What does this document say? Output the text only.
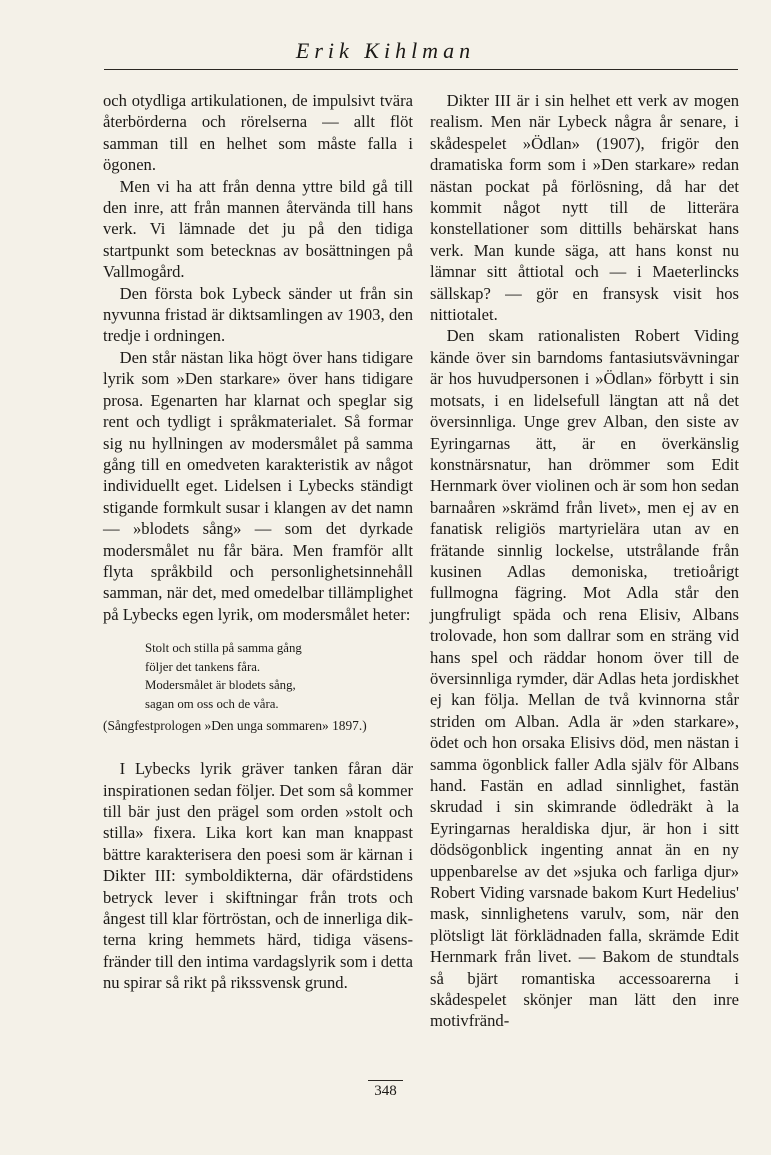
Erik Kihlman

och otydliga artikulationen, de impulsivt tvära återbörderna och rörelserna — allt flöt samman till en helhet som måste falla i ögonen.

Men vi ha att från denna yttre bild gå till den inre, att från mannen återvända till hans verk. Vi lämnade det ju på den tidiga startpunkt som betecknas av bosättningen på Vallmogård.

Den första bok Lybeck sänder ut från sin nyvunna fristad är diktsamlingen av 1903, den tredje i ordningen.

Den står nästan lika högt över hans tidigare lyrik som »Den starkare» över hans tidigare prosa. Egenarten har klarnat och speglar sig rent och tydligt i språkmaterialet. Så formar sig nu hyllningen av modersmålet på samma gång till en omedveten karakteristik av något individuellt eget. Lidelsen i Lybecks ständigt stigande formkult susar i klangen av det namn — »blodets sång» — som det dyrkade modersmålet nu får bära. Men framför allt flyta språkbild och personlighetsinnehåll samman, när det, med omedelbar tillämplighet på Lybecks egen lyrik, om modersmålet heter:

Stolt och stilla på samma gång
följer det tankens fåra.
Modersmålet är blodets sång,
sagan om oss och de våra.
(Sångfestprologen »Den unga sommaren» 1897.)

I Lybecks lyrik gräver tanken fåran där inspirationen sedan följer. Det som så kommer till bär just den prägel som orden »stolt och stilla» fixera. Lika kort kan man knappast bättre karakterisera den poesi som är kärnan i Dikter III: symboldikterna, där ofärdstidens betryck lever i skiftningar från trots och ångest till klar förtröstan, och de innerliga dikterna kring hemmets härd, tidiga väsensfränder till den intima vardagslyrik som i detta nu spirar så rikt på rikssvensk grund.

Dikter III är i sin helhet ett verk av mogen realism. Men när Lybeck några år senare, i skådespelet »Ödlan» (1907), frigör den dramatiska form som i »Den starkare» redan nästan pockat på förlösning, då har det kommit något nytt till de litterära konstellationer som dittills behärskat hans verk. Man kunde säga, att hans konst nu lämnar sitt åttiotal och — i Maeterlincks sällskap? — gör en fransysk visit hos nittiotalet.

Den skam rationalisten Robert Viding kände över sin barndoms fantasiutsvävningar är hos huvudpersonen i »Ödlan» förbytt i sin motsats, i en lidelsefull längtan att nå det översinnliga. Unge grev Alban, den siste av Eyringarnas ätt, är en överkänslig konstnärsnatur, han drömmer som Edit Hernmark över violinen och är som hon sedan barnaåren »skrämd från livet», men ej av en fanatisk religiös martyrielära utan av en frätande sinnlig lockelse, utstrålande från kusinen Adlas demoniska, tretioårigt fullmogna fägring. Mot Adla står den jungfruligt späda och rena Elisiv, Albans trolovade, hon som dallrar som en sträng vid hans spel och räddar honom över till de översinnliga rymder, där Adlas heta jordiskhet ej kan följa. Mellan de två kvinnorna står striden om Alban. Adla är »den starkare», ödet och hon orsaka Elisivs död, men nästan i samma ögonblick faller Adla själv för Albans hand. Fastän en adlad sinnlighet, fastän skrudad i sin skimrande ödledräkt à la Eyringarnas heraldiska djur, är hon i sitt dödsögonblick ingenting annat än en ny uppenbarelse av det »sjuka och farliga djur» Robert Viding varsnade bakom Kurt Hedelius' mask, sinnlighetens varulv, som, när den plötsligt lät förklädnaden falla, skrämde Edit Hernmark från livet. — Bakom de stundtals så bjärt romantiska accessoarerna i skådespelet skönjer man lätt den inre motivfränd-

348
